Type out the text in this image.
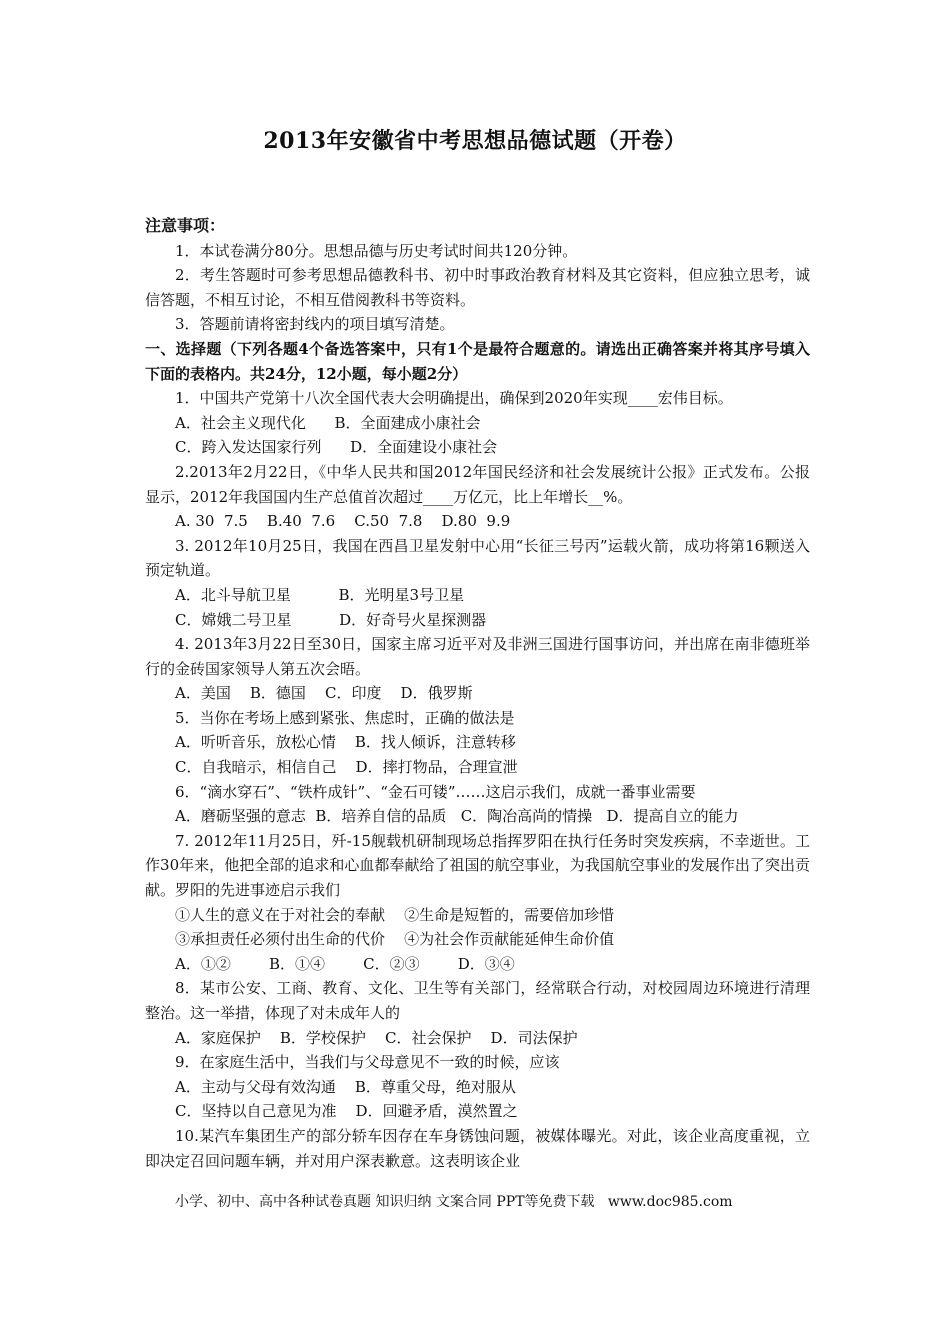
2013年安徽省中考思想品德试题（开卷）

注意事项：

1．本试卷满分80分。思想品德与历史考试时间共120分钟。

2．考生答题时可参考思想品德教科书、初中时事政治教育材料及其它资料，但应独立思考，诚信答题，不相互讨论，不相互借阅教科书等资料。

3．答题前请将密封线内的项目填写清楚。

一、选择题（下列各题4个备选答案中，只有1个是最符合题意的。请选出正确答案并将其序号填入下面的表格内。共24分，12小题，每小题2分）

1．中国共产党第十八次全国代表大会明确提出，确保到2020年实现____宏伟目标。

A．社会主义现代化      B．全面建成小康社会

C．跨入发达国家行列      D．全面建设小康社会

2.2013年2月22日，《中华人民共和国2012年国民经济和社会发展统计公报》正式发布。公报显示，2012年我国国内生产总值首次超过____万亿元，比上年增长__%。

A. 30  7.5    B.40  7.6    C.50  7.8    D.80  9.9

3. 2012年10月25日，我国在西昌卫星发射中心用“长征三号丙”运载火箭，成功将第16颗送入预定轨道。

A．北斗导航卫星          B．光明星3号卫星

C．嫦娥二号卫星          D．好奇号火星探测器

4. 2013年3月22日至30日，国家主席习近平对及非洲三国进行国事访问，并出席在南非德班举行的金砖国家领导人第五次会晤。

A．美国    B．德国    C．印度    D．俄罗斯

5．当你在考场上感到紧张、焦虑时，正确的做法是

A．听听音乐，放松心情    B．找人倾诉，注意转移

C．自我暗示，相信自己    D．摔打物品，合理宣泄

6．“滴水穿石”、“铁杵成针”、“金石可镂”……这启示我们，成就一番事业需要

A．磨砺坚强的意志  B．培养自信的品质   C．陶冶高尚的情操   D．提高自立的能力

7. 2012年11月25日，歼-15舰载机研制现场总指挥罗阳在执行任务时突发疾病，不幸逝世。工作30年来，他把全部的追求和心血都奉献给了祖国的航空事业，为我国航空事业的发展作出了突出贡献。罗阳的先进事迹启示我们

①人生的意义在于对社会的奉献    ②生命是短暂的，需要倍加珍惜

③承担责任必须付出生命的代价    ④为社会作贡献能延伸生命价值

A．①②        B．①④        C．②③        D．③④

8．某市公安、工商、教育、文化、卫生等有关部门，经常联合行动，对校园周边环境进行清理整治。这一举措，体现了对未成年人的

A．家庭保护    B．学校保护    C．社会保护    D．司法保护

9．在家庭生活中，当我们与父母意见不一致的时候，应该

A．主动与父母有效沟通    B．尊重父母，绝对服从

C．坚持以自己意见为准    D．回避矛盾，漠然置之

10.某汽车集团生产的部分轿车因存在车身锈蚀问题，被媒体曝光。对此，该企业高度重视，立即决定召回问题车辆，并对用户深表歉意。这表明该企业

小学、初中、高中各种试卷真题 知识归纳 文案合同 PPT等免费下载   www.doc985.com
